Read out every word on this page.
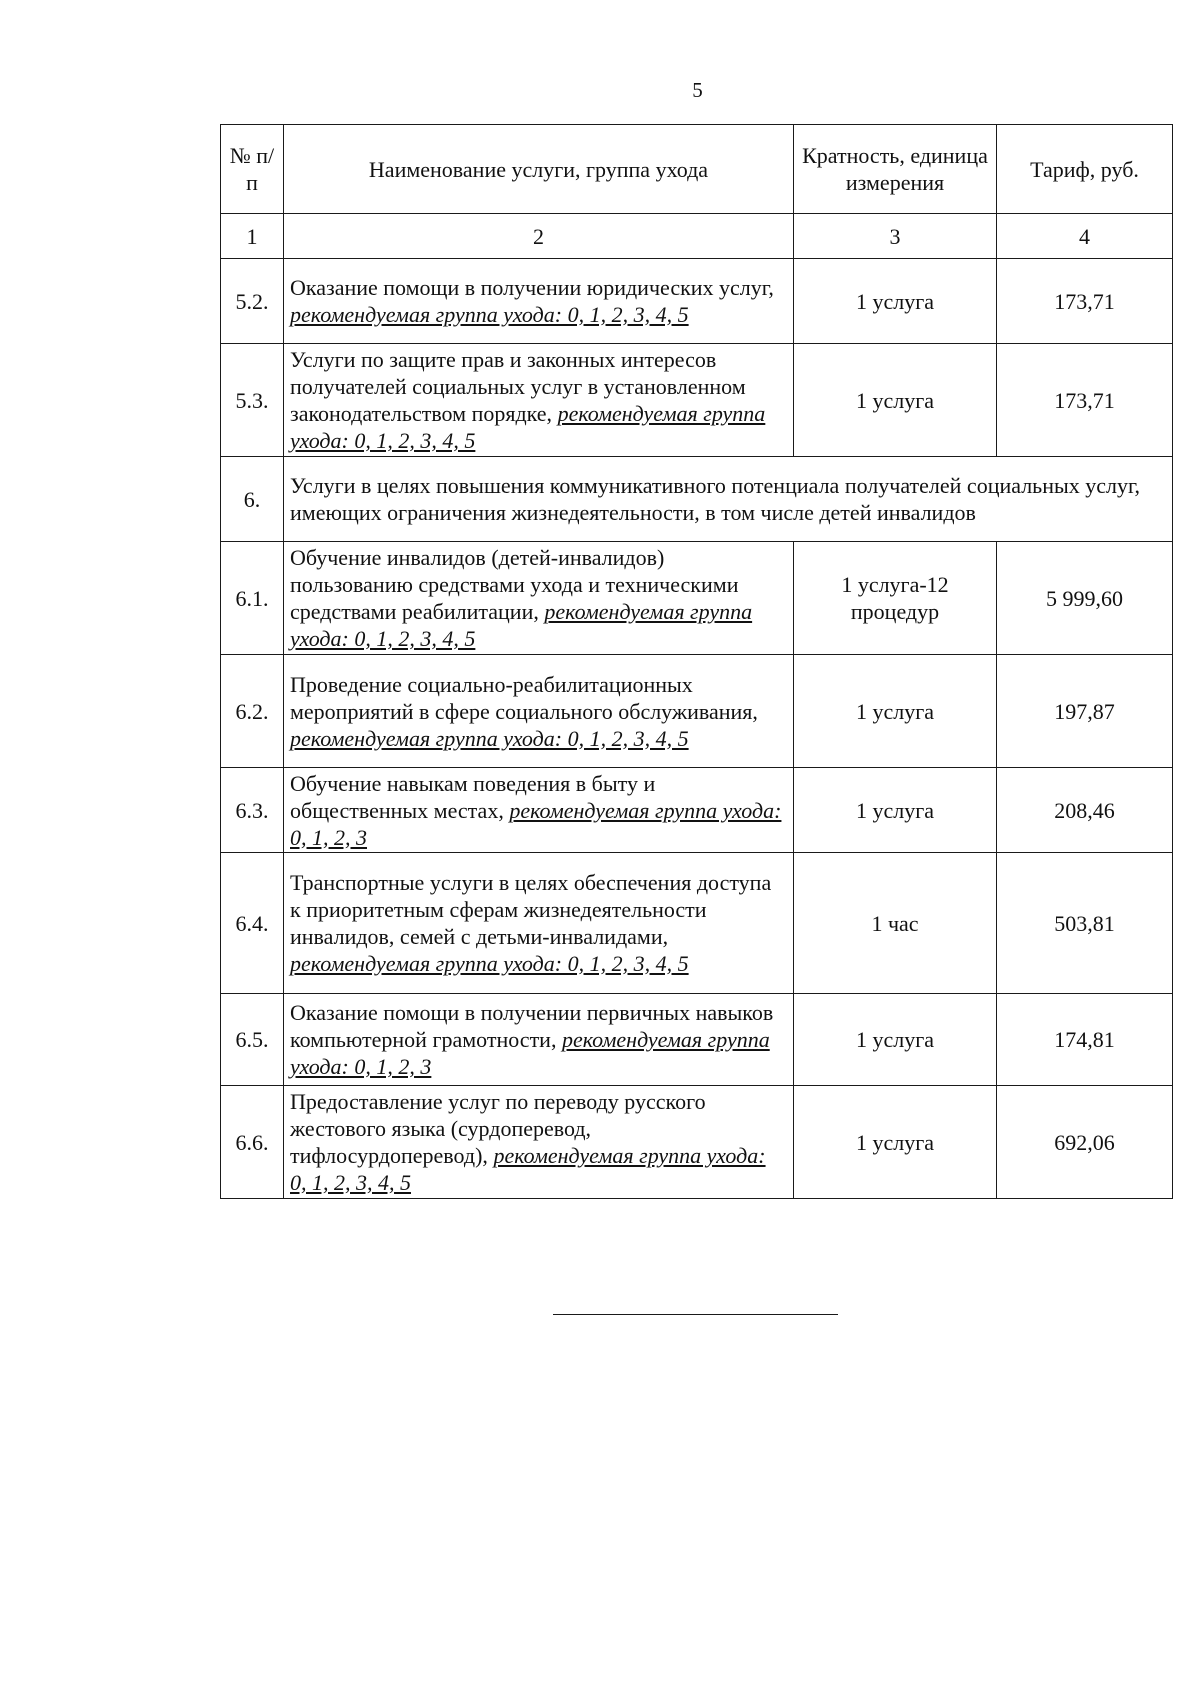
5
№ п/п	Наименование услуги, группа ухода	Кратность, единица измерения	Тариф, руб.
1	2	3	4
5.2.	Оказание помощи в получении юридических услуг, рекомендуемая группа ухода: 0, 1, 2, 3, 4, 5	1 услуга	173,71
5.3.	Услуги по защите прав и законных интересов получателей социальных услуг в установленном законодательством порядке, рекомендуемая группа ухода: 0, 1, 2, 3, 4, 5	1 услуга	173,71
6.	Услуги в целях повышения коммуникативного потенциала получателей социальных услуг, имеющих ограничения жизнедеятельности, в том числе детей инвалидов		
6.1.	Обучение инвалидов (детей-инвалидов) пользованию средствами ухода и техническими средствами реабилитации, рекомендуемая группа ухода: 0, 1, 2, 3, 4, 5	1 услуга-12 процедур	5 999,60
6.2.	Проведение социально-реабилитационных мероприятий в сфере социального обслуживания, рекомендуемая группа ухода: 0, 1, 2, 3, 4, 5	1 услуга	197,87
6.3.	Обучение навыкам поведения в быту и общественных местах, рекомендуемая группа ухода: 0, 1, 2, 3	1 услуга	208,46
6.4.	Транспортные услуги в целях обеспечения доступа к приоритетным сферам жизнедеятельности инвалидов, семей с детьми-инвалидами, рекомендуемая группа ухода: 0, 1, 2, 3, 4, 5	1 час	503,81
6.5.	Оказание помощи в получении первичных навыков компьютерной грамотности, рекомендуемая группа ухода: 0, 1, 2, 3	1 услуга	174,81
6.6.	Предоставление услуг по переводу русского жестового языка (сурдоперевод, тифлосурдоперевод), рекомендуемая группа ухода: 0, 1, 2, 3, 4, 5	1 услуга	692,06
